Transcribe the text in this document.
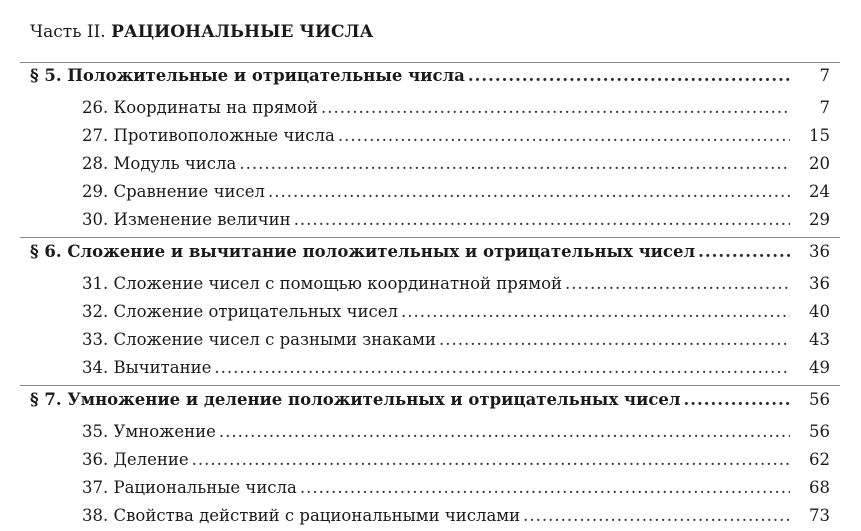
Часть II. РАЦИОНАЛЬНЫЕ ЧИСЛА
§ 5. Положительные и отрицательные числа .....	7
26. Координаты на прямой .....	7
27. Противоположные числа .....	15
28. Модуль числа .....	20
29. Сравнение чисел .....	24
30. Изменение величин .....	29
§ 6. Сложение и вычитание положительных и отрицательных чисел .....	36
31. Сложение чисел с помощью координатной прямой .....	36
32. Сложение отрицательных чисел .....	40
33. Сложение чисел с разными знаками .....	43
34. Вычитание .....	49
§ 7. Умножение и деление положительных и отрицательных чисел .....	56
35. Умножение .....	56
36. Деление .....	62
37. Рациональные числа .....	68
38. Свойства действий с рациональными числами .....	73
